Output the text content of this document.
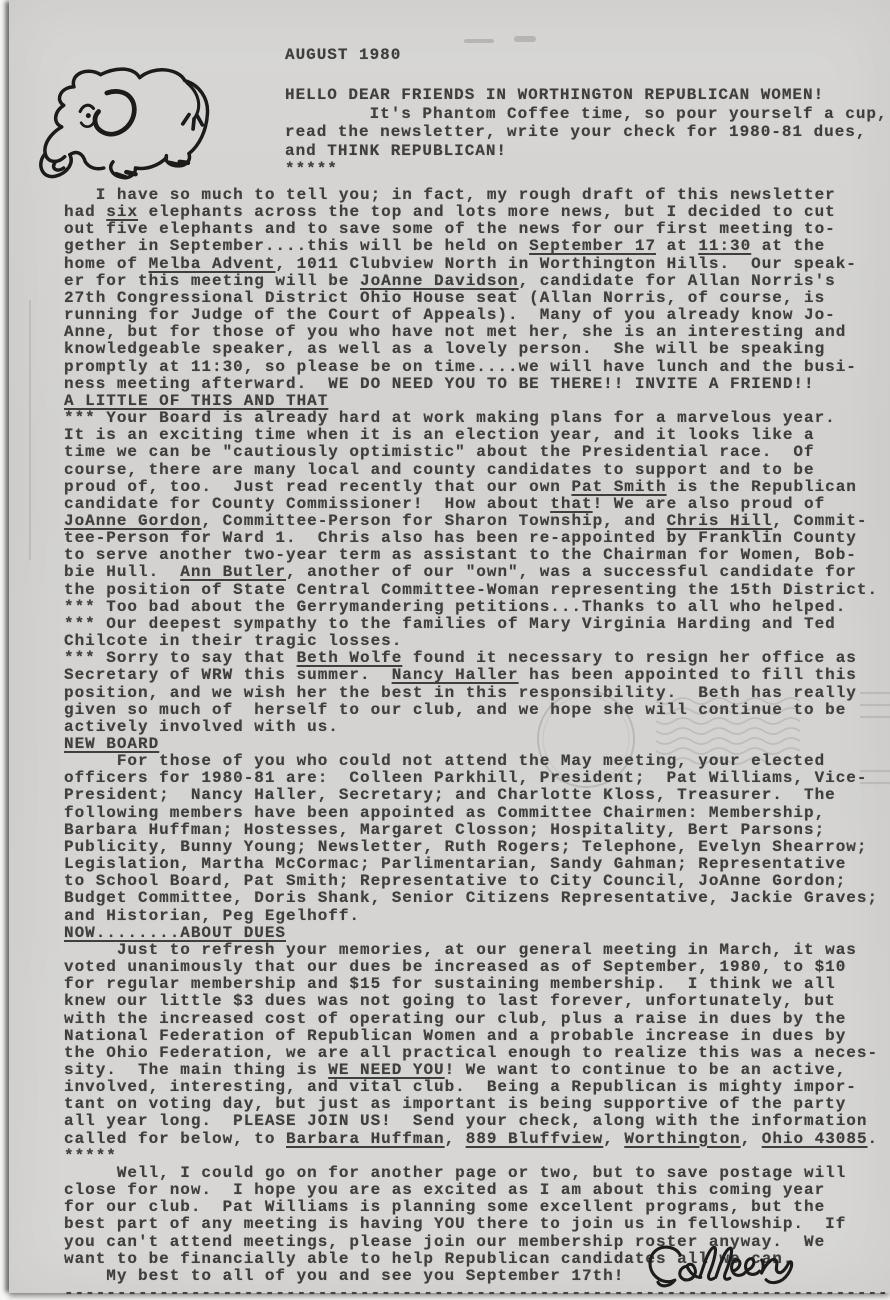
AUGUST 1980
HELLO DEAR FRIENDS IN WORTHINGTON REPUBLICAN WOMEN!
It's Phantom Coffee time, so pour yourself a cup,
read the newsletter, write your check for 1980-81 dues,
and THINK REPUBLICAN!
*****
I have so much to tell you; in fact, my rough draft of this newsletter
had six elephants across the top and lots more news, but I decided to cut
out five elephants and to save some of the news for our first meeting to-
gether in September....this will be held on September 17 at 11:30 at the
home of Melba Advent, 1011 Clubview North in Worthington Hills.  Our speak-
er for this meeting will be JoAnne Davidson, candidate for Allan Norris's
27th Congressional District Ohio House seat (Allan Norris, of course, is
running for Judge of the Court of Appeals).  Many of you already know Jo-
Anne, but for those of you who have not met her, she is an interesting and
knowledgeable speaker, as well as a lovely person.  She will be speaking
promptly at 11:30, so please be on time....we will have lunch and the busi-
ness meeting afterward.  WE DO NEED YOU TO BE THERE!! INVITE A FRIEND!!
A LITTLE OF THIS AND THAT
*** Your Board is already hard at work making plans for a marvelous year.
It is an exciting time when it is an election year, and it looks like a
time we can be "cautiously optimistic" about the Presidential race.  Of
course, there are many local and county candidates to support and to be
proud of, too.  Just read recently that our own Pat Smith is the Republican
candidate for County Commissioner!  How about that! We are also proud of
JoAnne Gordon, Committee-Person for Sharon Township, and Chris Hill, Commit-
tee-Person for Ward 1.  Chris also has been re-appointed by Franklin County
to serve another two-year term as assistant to the Chairman for Women, Bob-
bie Hull.  Ann Butler, another of our "own", was a successful candidate for
the position of State Central Committee-Woman representing the 15th District.
*** Too bad about the Gerrymandering petitions...Thanks to all who helped.
*** Our deepest sympathy to the families of Mary Virginia Harding and Ted
Chilcote in their tragic losses.
*** Sorry to say that Beth Wolfe found it necessary to resign her office as
Secretary of WRW this summer.  Nancy Haller has been appointed to fill this
position, and we wish her the best in this responsibility.  Beth has really
given so much of  herself to our club, and we hope she will continue to be
actively involved with us.
NEW BOARD
For those of you who could not attend the May meeting, your elected
officers for 1980-81 are:  Colleen Parkhill, President;  Pat Williams, Vice-
President;  Nancy Haller, Secretary; and Charlotte Kloss, Treasurer.  The
following members have been appointed as Committee Chairmen: Membership,
Barbara Huffman; Hostesses, Margaret Closson; Hospitality, Bert Parsons;
Publicity, Bunny Young; Newsletter, Ruth Rogers; Telephone, Evelyn Shearrow;
Legislation, Martha McCormac; Parlimentarian, Sandy Gahman; Representative
to School Board, Pat Smith; Representative to City Council, JoAnne Gordon;
Budget Committee, Doris Shank, Senior Citizens Representative, Jackie Graves;
and Historian, Peg Egelhoff.
NOW........ABOUT DUES
Just to refresh your memories, at our general meeting in March, it was
voted unanimously that our dues be increased as of September, 1980, to $10
for regular membership and $15 for sustaining membership.  I think we all
knew our little $3 dues was not going to last forever, unfortunately, but
with the increased cost of operating our club, plus a raise in dues by the
National Federation of Republican Women and a probable increase in dues by
the Ohio Federation, we are all practical enough to realize this was a neces-
sity.  The main thing is WE NEED YOU! We want to continue to be an active,
involved, interesting, and vital club.  Being a Republican is mighty impor-
tant on voting day, but just as important is being supportive of the party
all year long.  PLEASE JOIN US!  Send your check, along with the information
called for below, to Barbara Huffman, 889 Bluffview, Worthington, Ohio 43085.
*****
Well, I could go on for another page or two, but to save postage will
close for now.  I hope you are as excited as I am about this coming year
for our club.  Pat Williams is planning some excellent programs, but the
best part of any meeting is having YOU there to join us in fellowship.  If
you can't attend meetings, please join our membership roster anyway.  We
want to be financially able to help Republican candidates all we can.
My best to all of you and see you September 17th!
------------------------------------------------------------------------------
